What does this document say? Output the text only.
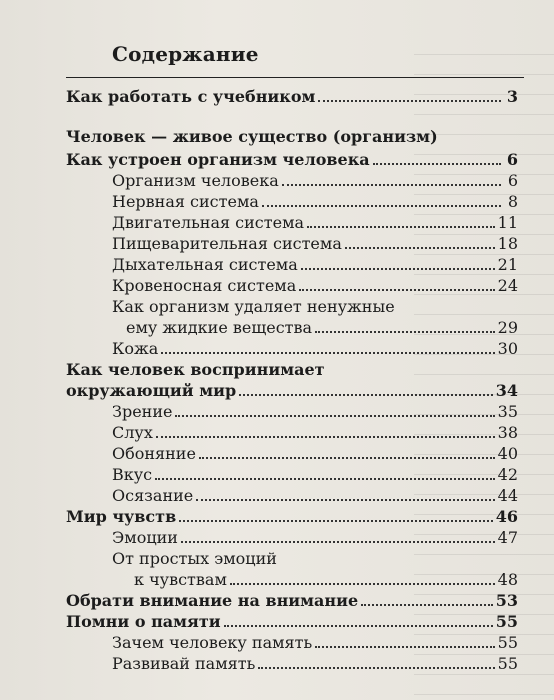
Содержание
Как работать с учебником	3
Человек — живое существо (организм)
Как устроен организм человека	6
Организм человека	6
Нервная система	8
Двигательная система	11
Пищеварительная система	18
Дыхательная система	21
Кровеносная система	24
Как организм удаляет ненужные
ему жидкие вещества	29
Кожа	30
Как человек воспринимает
окружающий мир	34
Зрение	35
Слух	38
Обоняние	40
Вкус	42
Осязание	44
Мир чувств	46
Эмоции	47
От простых эмоций
к чувствам	48
Обрати внимание на внимание	53
Помни о памяти	55
Зачем человеку память	55
Развивай память	55
